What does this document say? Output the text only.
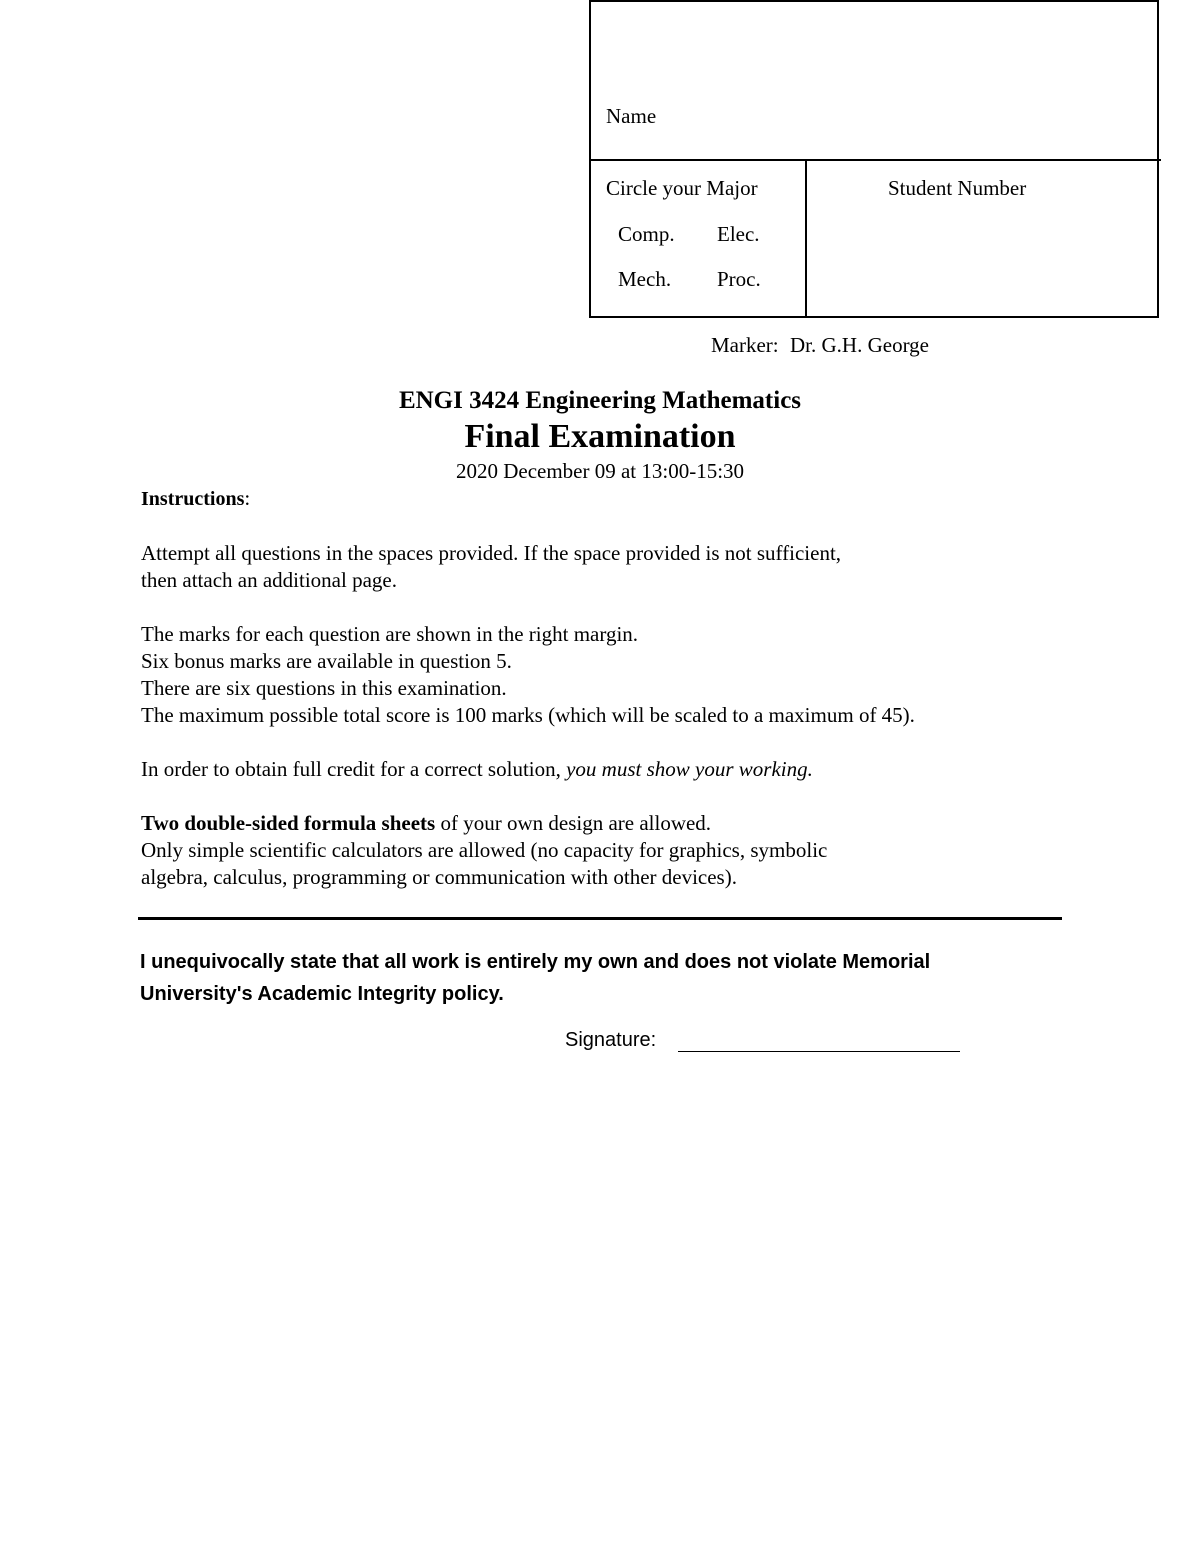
Name
Circle your Major
Comp. Elec.
Mech. Proc.
Student Number
Marker: Dr. G.H. George
ENGI 3424 Engineering Mathematics
Final Examination
2020 December 09 at 13:00-15:30
Instructions:
Attempt all questions in the spaces provided. If the space provided is not sufficient,
then attach an additional page.
The marks for each question are shown in the right margin.
Six bonus marks are available in question 5.
There are six questions in this examination.
The maximum possible total score is 100 marks (which will be scaled to a maximum of 45).
In order to obtain full credit for a correct solution, you must show your working.
Two double-sided formula sheets of your own design are allowed.
Only simple scientific calculators are allowed (no capacity for graphics, symbolic
algebra, calculus, programming or communication with other devices).
I unequivocally state that all work is entirely my own and does not violate Memorial
University's Academic Integrity policy.
Signature:
